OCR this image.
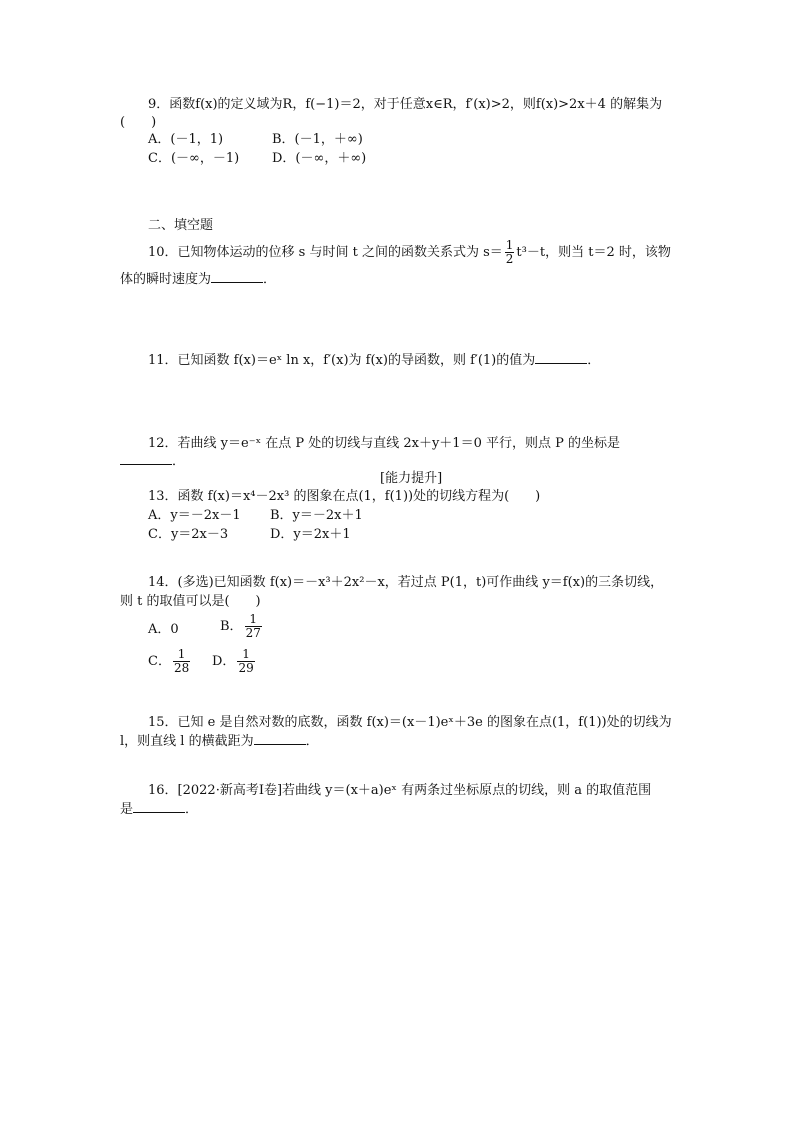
9．函数f(x)的定义域为R，f(−1)＝2，对于任意x∈R，f′(x)>2，则f(x)>2x＋4 的解集为
(　　)
A．(－1，1)	B．(－1，＋∞)
C．(－∞，－1)	D．(－∞，＋∞)
二、填空题
10．已知物体运动的位移 s 与时间 t 之间的函数关系式为 $s= \frac{1}{2} t^3-t$，则当 t＝2 时，该物
体的瞬时速度为	．
11．已知函数 f(x)＝eˣ ln x，f′(x)为 f(x)的导函数，则 f′(1)的值为	．
12．若曲线 y＝e⁻ˣ 在点 P 处的切线与直线 2x＋y＋1＝0 平行，则点 P 的坐标是
．
[能力提升]
13．函数 f(x)＝x⁴－2x³ 的图象在点(1，f(1))处的切线方程为(　　)
A．y＝－2x－1 B．y＝－2x＋1
C．y＝2x－3	D．y＝2x＋1
14．(多选)已知函数 f(x)＝－x³＋2x²－x，若过点 P(1，t)可作曲线 y＝f(x)的三条切线，
则 t 的取值可以是(　　)
A．0	B． $\frac{1}{27}$
C． $\frac{1}{28}$ D． $\frac{1}{29}$
15．已知 e 是自然对数的底数，函数 f(x)＝(x－1)eˣ＋3e 的图象在点(1，f(1))处的切线为
l，则直线 l 的横截距为	．
16．[2022·新高考Ⅰ卷]若曲线 y＝(x＋a)eˣ 有两条过坐标原点的切线，则 a 的取值范围
是	．
